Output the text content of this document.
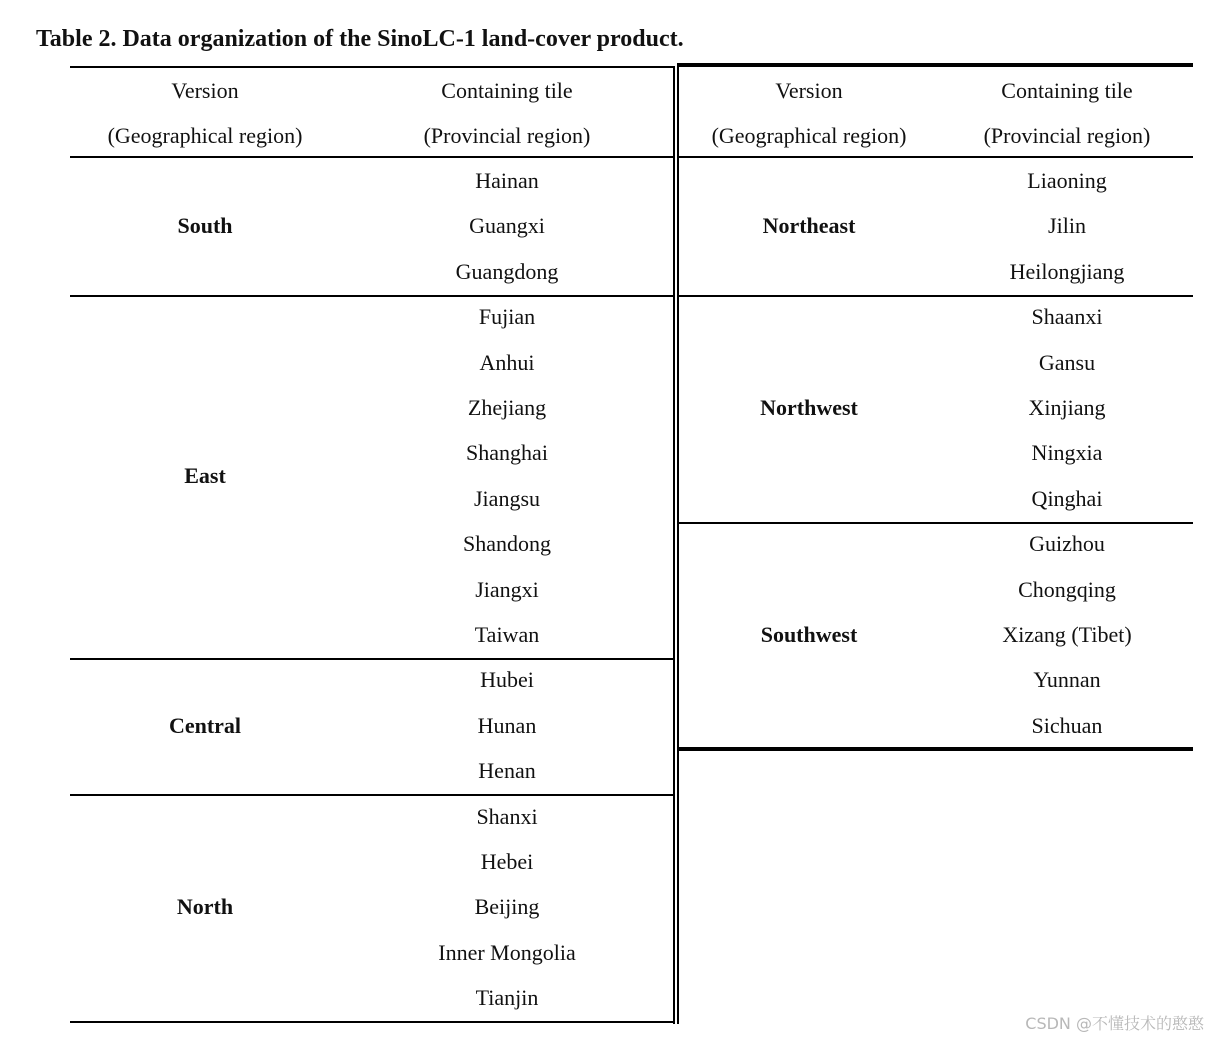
Table 2. Data organization of the SinoLC-1 land-cover product.
Version
(Geographical region)
Containing tile
(Provincial region)
Version
(Geographical region)
Containing tile
(Provincial region)
South
Hainan
Guangxi
Guangdong
East
Fujian
Anhui
Zhejiang
Shanghai
Jiangsu
Shandong
Jiangxi
Taiwan
Central
Hubei
Hunan
Henan
North
Shanxi
Hebei
Beijing
Inner Mongolia
Tianjin
Northeast
Liaoning
Jilin
Heilongjiang
Northwest
Shaanxi
Gansu
Xinjiang
Ningxia
Qinghai
Southwest
Guizhou
Chongqing
Xizang (Tibet)
Yunnan
Sichuan
CSDN @不懂技术的憨憨
